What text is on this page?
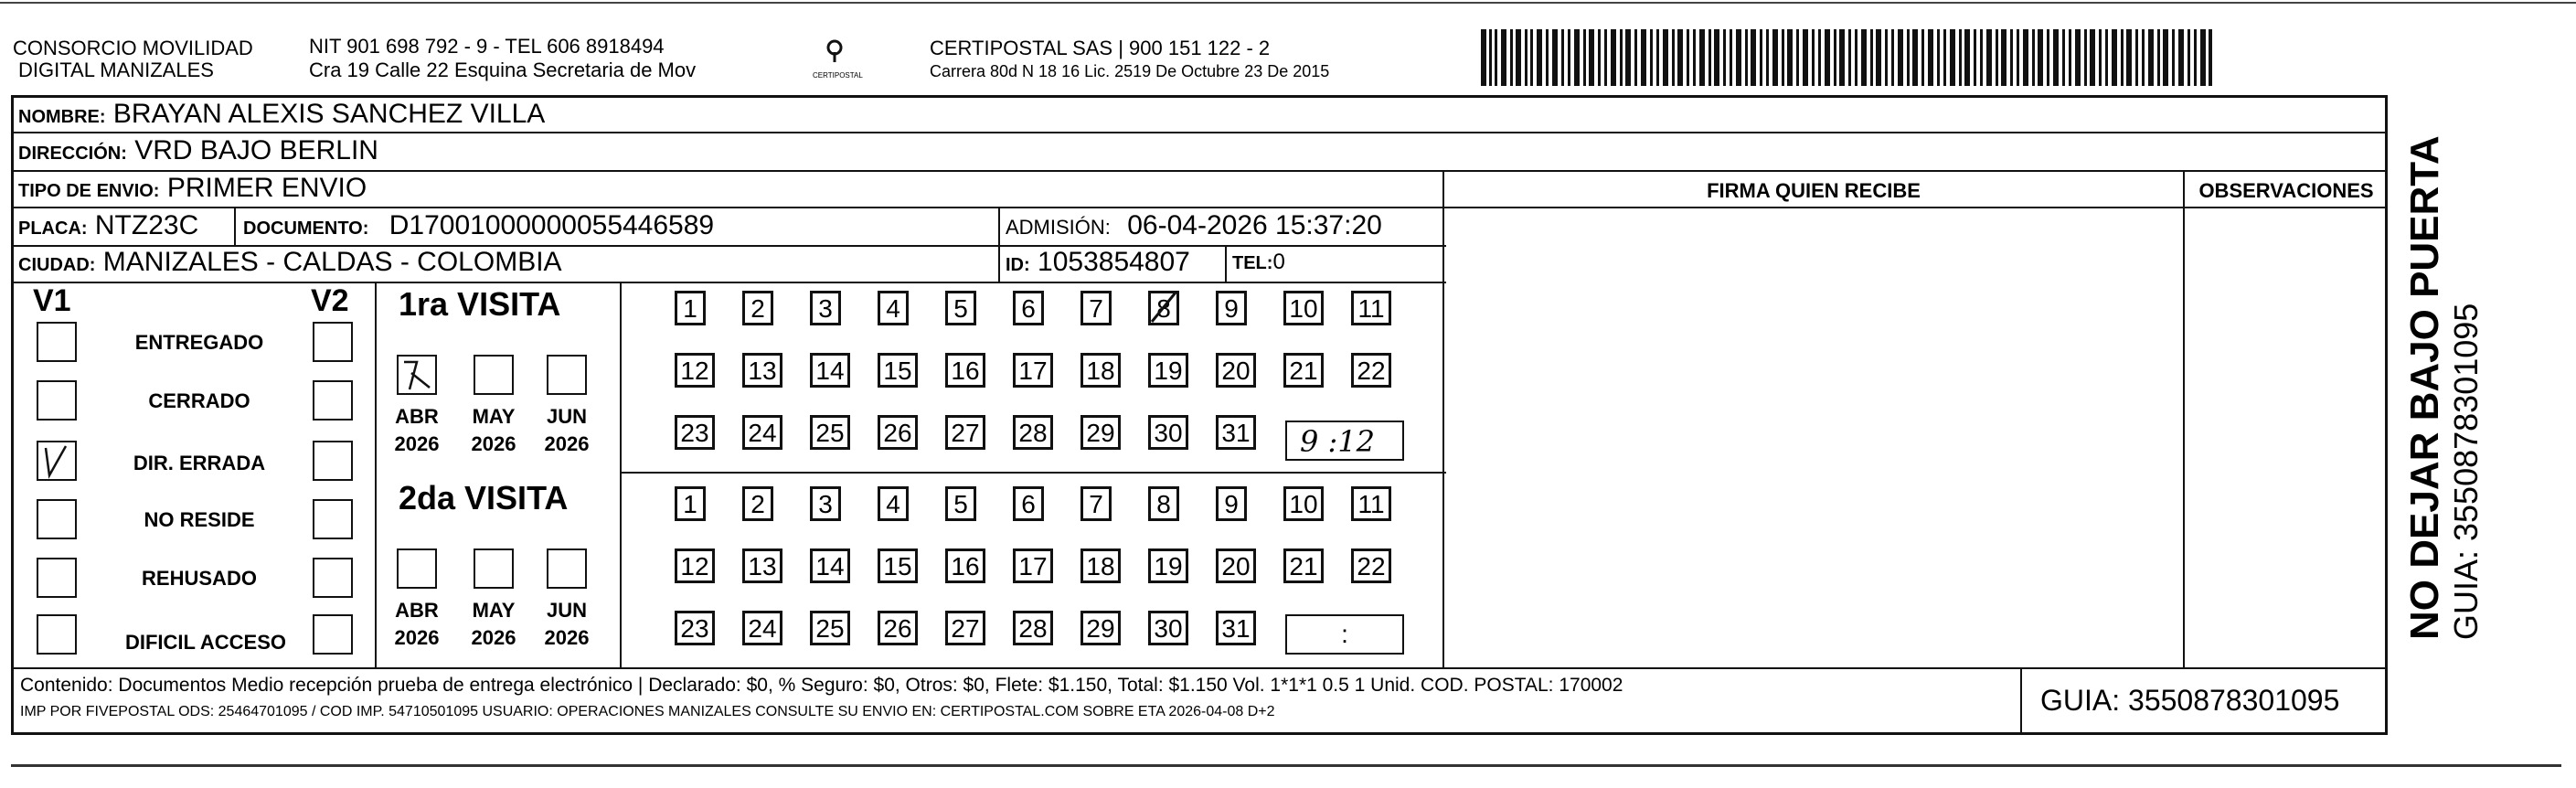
CONSORCIO MOVILIDAD
DIGITAL MANIZALES
NIT 901 698 792 - 9 - TEL 606 8918494
Cra 19 Calle 22 Esquina Secretaria de Mov	CERTIPOSTAL
CERTIPOSTAL SAS | 900 151 122 - 2
Carrera 80d N 18 16 Lic. 2519 De Octubre 23 De 2015
NOMBRE: BRAYAN ALEXIS SANCHEZ VILLA
DIRECCIÓN: VRD BAJO BERLIN
TIPO DE ENVIO: PRIMER ENVIO
PLACA: NTZ23C DOCUMENTO: D17001000000055446589	ADMISIÓN: 06-04-2026 15:37:20
CIUDAD: MANIZALES - CALDAS - COLOMBIA	ID: 1053854807 TEL:0
FIRMA QUIEN RECIBE	OBSERVACIONES
V1	V2
ENTREGADO
CERRADO
DIR. ERRADA
NO RESIDE
REHUSADO
DIFICIL ACCESO
1ra VISITA
ABR MAY JUN
2026 2026 2026
1	2	3	4	5	6	7	8	9	10 11
12 13 14 15 16 17 18 19 20 21 22
23 24 25 26 27 28 29 30 31 9 :12
2da VISITA
ABR MAY JUN
2026 2026 2026
1	2	3	4	5	6	7	8	9	10 11
12 13 14 15 16 17 18 19 20 21 22
23 24 25 26 27 28 29 30 31	:
Contenido: Documentos Medio recepción prueba de entrega electrónico | Declarado: $0, % Seguro: $0, Otros: $0, Flete: $1.150, Total: $1.150 Vol. 1*1*1 0.5 1 Unid. COD. POSTAL: 170002
IMP POR FIVEPOSTAL ODS: 25464701095 / COD IMP. 54710501095 USUARIO: OPERACIONES MANIZALES CONSULTE SU ENVIO EN: CERTIPOSTAL.COM SOBRE ETA 2026-04-08 D+2	GUIA: 3550878301095
NO DEJAR BAJO PUERTA GUIA: 3550878301095
